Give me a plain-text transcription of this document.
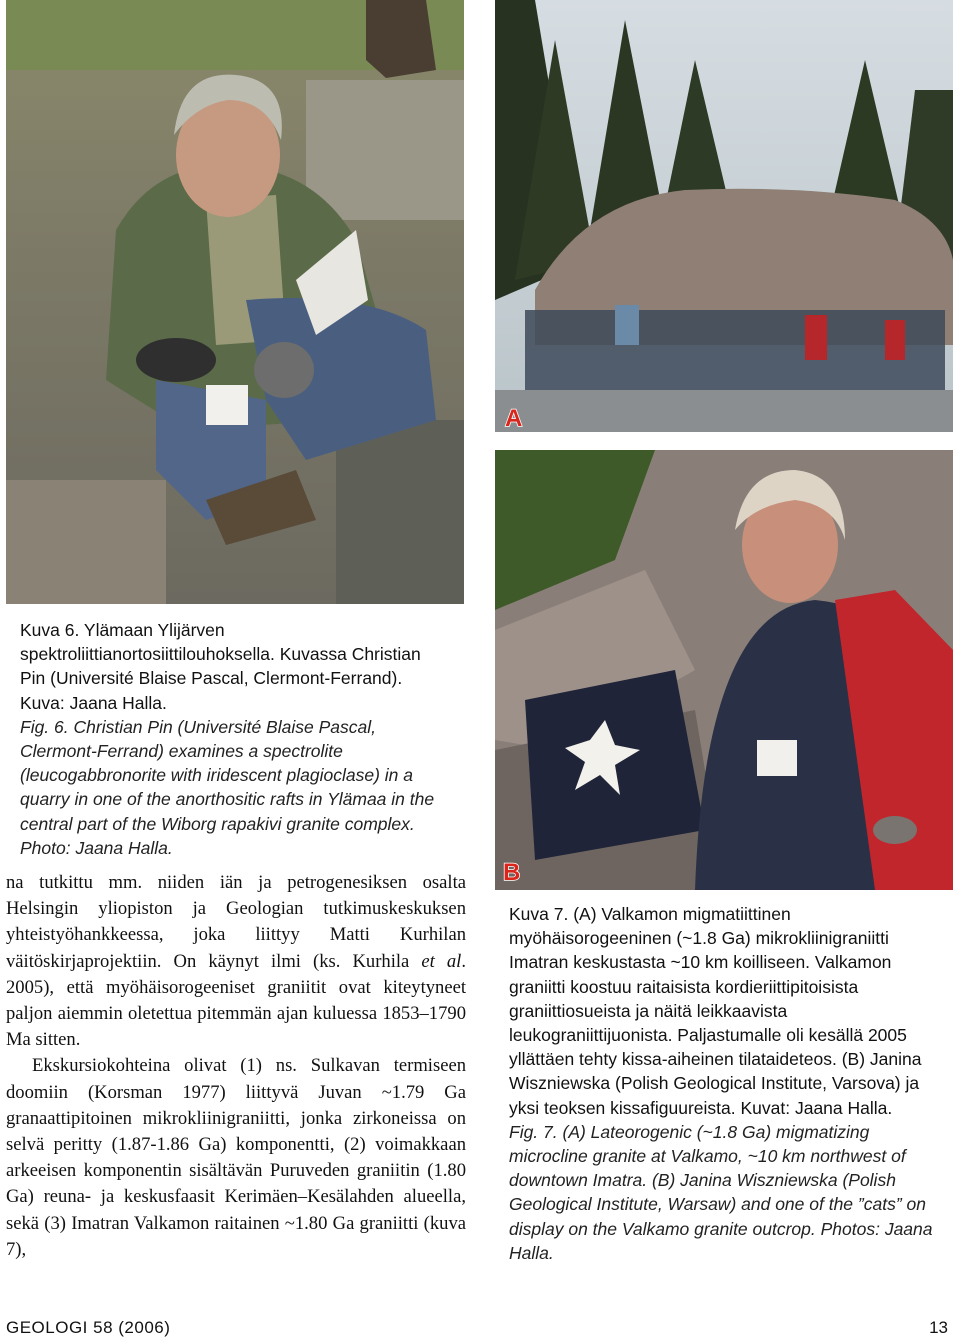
A
B
Kuva 6. Ylämaan Ylijärven spektroliittianortosiittilouhoksella. Kuvassa Christian Pin (Université Blaise Pascal, Clermont-Ferrand). Kuva: Jaana Halla.
Fig. 6. Christian Pin (Université Blaise Pascal, Clermont-Ferrand) examines a spectrolite (leucogabbronorite with iridescent plagioclase) in a quarry in one of the anorthositic rafts in Ylämaa in the central part of the Wiborg rapakivi granite complex. Photo: Jaana Halla.

na tutkittu mm. niiden iän ja petrogenesiksen osalta Helsingin yliopiston ja Geologian tutkimuskeskuksen yhteistyöhankkeessa, joka liittyy Matti Kurhilan väitöskirjaprojektiin. On käynyt ilmi (ks. Kurhila et al. 2005), että myöhäisorogeeniset graniitit ovat kiteytyneet paljon aiemmin oletettua pitemmän ajan kuluessa 1853–1790 Ma sitten.

Ekskursiokohteina olivat (1) ns. Sulkavan termiseen doomiin (Korsman 1977) liittyvä Juvan ~1.79 Ga granaattipitoinen mikrokliinigraniitti, jonka zirkoneissa on selvä peritty (1.87-1.86 Ga) komponentti, (2) voimakkaan arkeeisen komponentin sisältävän Puruveden graniitin (1.80 Ga) reuna- ja keskusfaasit Kerimäen–Kesälahden alueella, sekä (3) Imatran Valkamon raitainen ~1.80 Ga graniitti (kuva 7),

Kuva 7. (A) Valkamon migmatiittinen myöhäisorogeeninen (~1.8 Ga) mikrokliinigraniitti Imatran keskustasta ~10 km koilliseen. Valkamon graniitti koostuu raitaisista kordieriittipitoisista graniittiosueista ja näitä leikkaavista leukograniittijuonista. Paljastumalle oli kesällä 2005 yllättäen tehty kissa-aiheinen tilataideteos. (B) Janina Wiszniewska (Polish Geological Institute, Varsova) ja yksi teoksen kissafiguureista. Kuvat: Jaana Halla.
Fig. 7. (A) Lateorogenic (~1.8 Ga) migmatizing microcline granite at Valkamo, ~10 km northwest of downtown Imatra. (B) Janina Wiszniewska (Polish Geological Institute, Warsaw) and one of the ”cats” on display on the Valkamo granite outcrop. Photos: Jaana Halla.
GEOLOGI 58 (2006)	13
